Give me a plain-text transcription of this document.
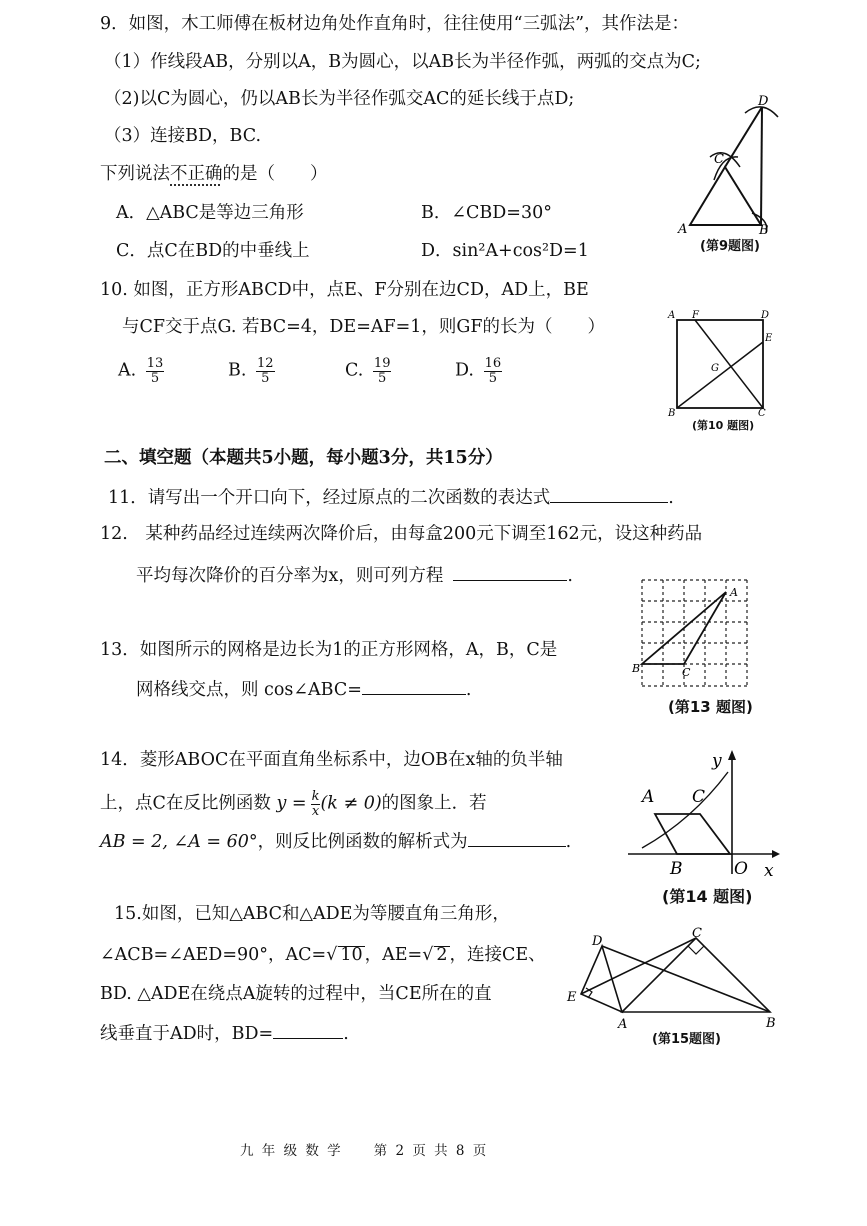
9．如图，木工师傅在板材边角处作直角时，往往使用“三弧法”，其作法是：
（1）作线段AB，分别以A，B为圆心，以AB长为半径作弧，两弧的交点为C;
（2)以C为圆心，仍以AB长为半径作弧交AC的延长线于点D;
（3）连接BD，BC.
下列说法不正确的是（　　）
A．△ABC是等边三角形	B．∠CBD=30°
C．点C在BD的中垂线上	D．sin²A+cos²D=1
A	B
C
D
(第9题图)
10. 如图，正方形ABCD中，点E、F分别在边CD，AD上，BE
与CF交于点G. 若BC=4，DE=AF=1，则GF的长为（　　）
A. $\frac{13}{5}$	B. $\frac{12}{5}$	C. $\frac{19}{5}$	D. $\frac{16}{5}$
A F	D
E
G
B	C
(第10 题图)
二、填空题（本题共5小题，每小题3分，共15分）
11．请写出一个开口向下，经过原点的二次函数的表达式	.
12.　某种药品经过连续两次降价后，由每盒200元下调至162元，设这种药品
平均每次降价的百分率为x，则可列方程	.
13．如图所示的网格是边长为1的正方形网格，A，B，C是
网格线交点，则 cos∠ABC=	.
A
B	C
(第13 题图)
14．菱形ABOC在平面直角坐标系中，边OB在x轴的负半轴
上，点C在反比例函数 $y = \frac{k}{x} (k \ne 0)$的图象上．若
AB = 2, ∠A = 60°，则反比例函数的解析式为	.
A C
B	O x
y
(第14 题图)
15.如图，已知△ABC和△ADE为等腰直角三角形，
∠ACB=∠AED=90°，AC=√ 10 ，AE=√ 2 ，连接CE、
BD. △ADE在绕点A旋转的过程中，当CE所在的直
线垂直于AD时，BD=	.	A	B
C
D
E
(第15题图)
九 年 级 数 学　　第 2 页 共 8 页
